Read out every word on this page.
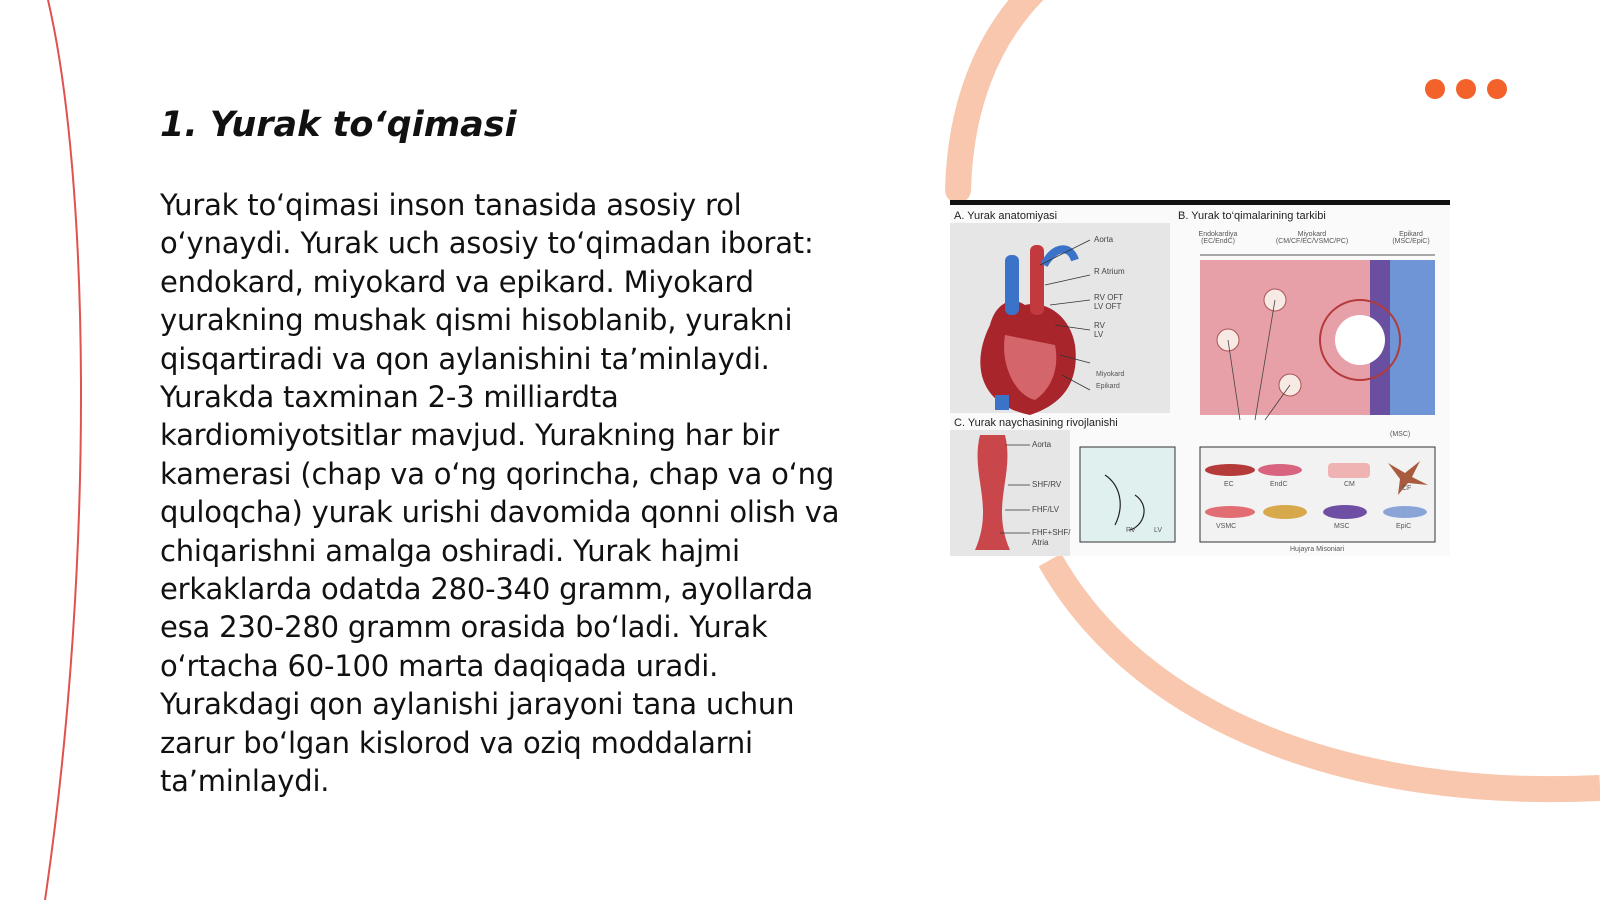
1. Yurak to‘qimasi
Yurak to‘qimasi inson tanasida asosiy rol o‘ynaydi. Yurak uch asosiy to‘qimadan iborat: endokard, miyokard va epikard. Miyokard yurakning mushak qismi hisoblanib, yurakni qisqartiradi va qon aylanishini ta’minlaydi. Yurakda taxminan 2-3 milliardta kardiomiyotsitlar mavjud. Yurakning har bir kamerasi (chap va o‘ng qorincha, chap va o‘ng quloqcha) yurak urishi davomida qonni olish va chiqarishni amalga oshiradi. Yurak hajmi erkaklarda odatda 280-340 gramm, ayollarda esa 230-280 gramm orasida bo‘ladi. Yurak o‘rtacha 60-100 marta daqiqada uradi. Yurakdagi qon aylanishi jarayoni tana uchun zarur bo‘lgan kislorod va oziq moddalarni ta’minlaydi.
A. Yurak anatomiyasi	B. Yurak to‘qimalarining tarkibi
C. Yurak naychasining rivojlanishi
Aorta
R Atrium
RV OFT
LV OFT
RV
LV
Miyokard
Epikard
Endokardiya (EC/EndC)
Miyokard (CM/CF/EC/VSMC/PC)
Epikard (MSC/EpiC)
(MSC)
EC	EndC	CM
CF
VSMC	MSC	EpiC
Aorta
SHF/RV
FHF/LV
FHF+SHF/
Atria
RV	LV
Hujayra Misoniari
